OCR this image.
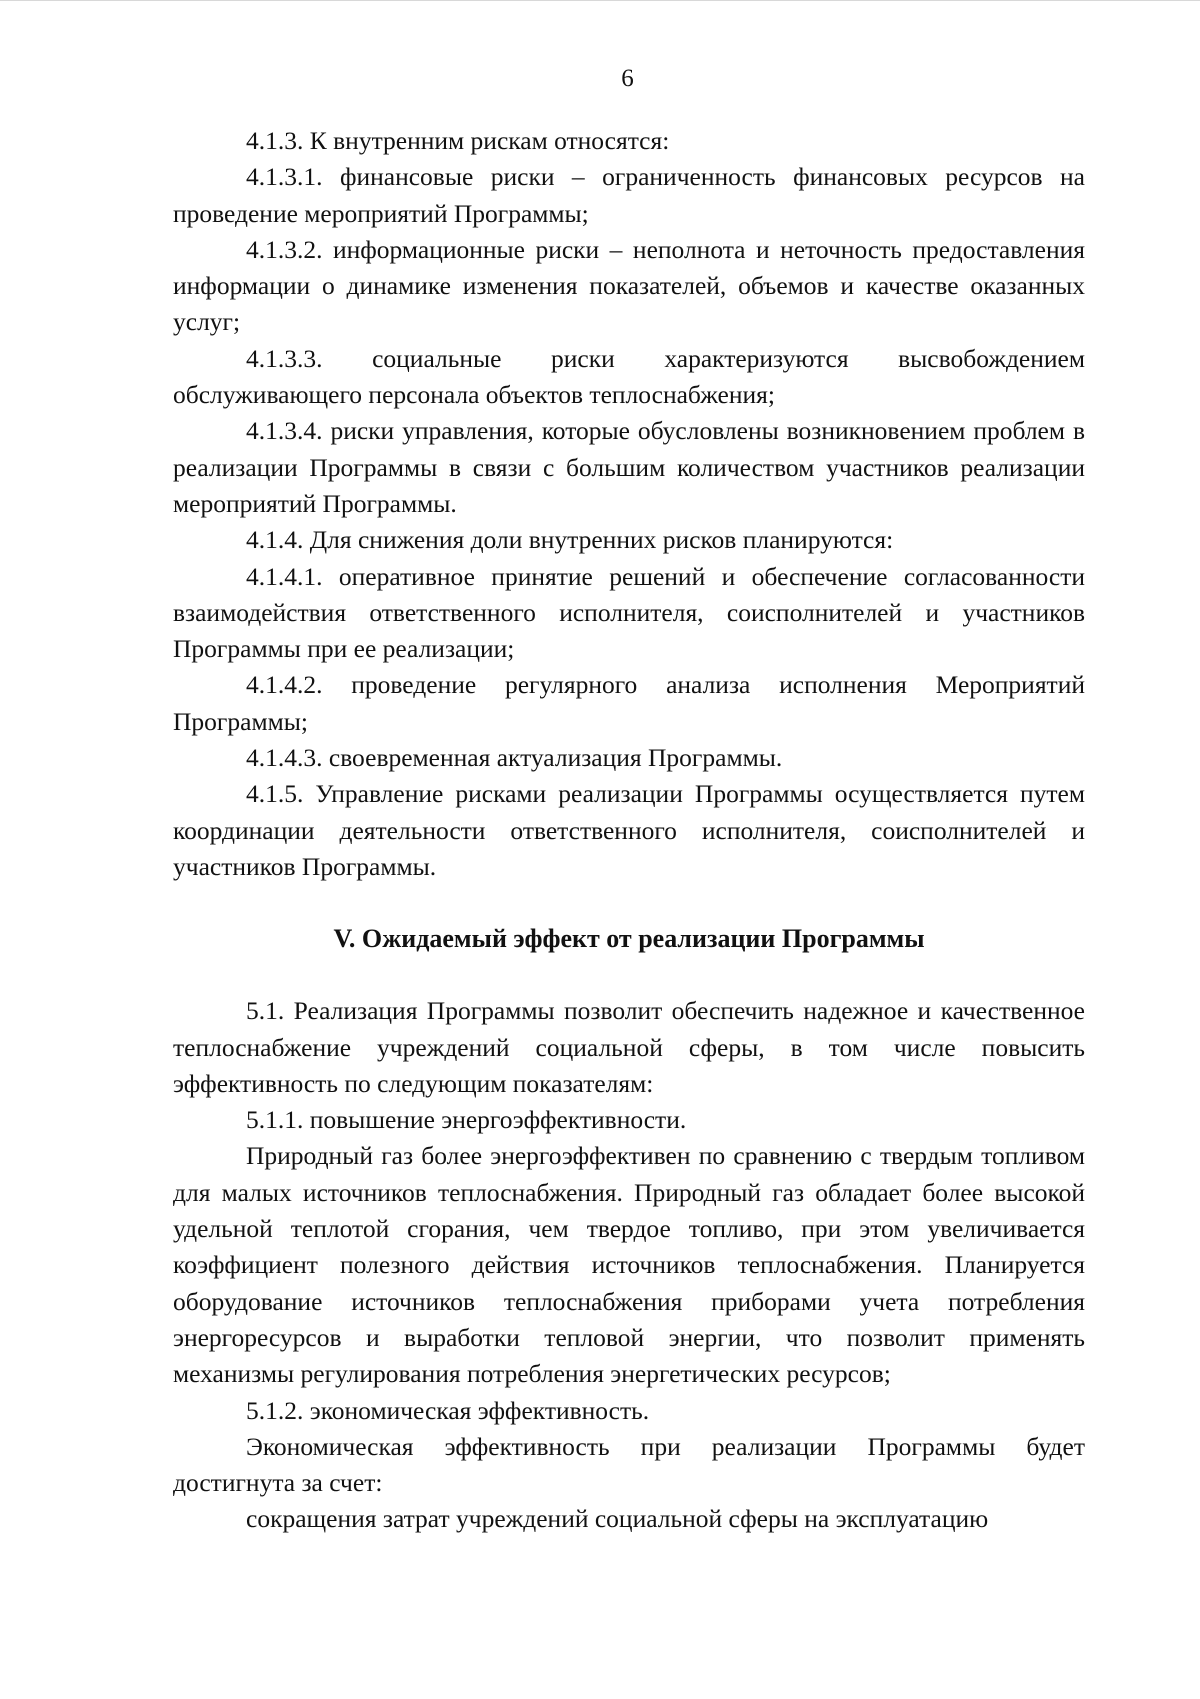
6

4.1.3. К внутренним рискам относятся:

4.1.3.1. финансовые риски – ограниченность финансовых ресурсов на проведение мероприятий Программы;

4.1.3.2. информационные риски – неполнота и неточность предоставления информации о динамике изменения показателей, объемов и качестве оказанных услуг;

4.1.3.3. социальные риски характеризуются высвобождением обслуживающего персонала объектов теплоснабжения;

4.1.3.4. риски управления, которые обусловлены возникновением проблем в реализации Программы в связи с большим количеством участников реализации мероприятий Программы.

4.1.4. Для снижения доли внутренних рисков планируются:

4.1.4.1. оперативное принятие решений и обеспечение согласованности взаимодействия ответственного исполнителя, соисполнителей и участников Программы при ее реализации;

4.1.4.2. проведение регулярного анализа исполнения Мероприятий Программы;

4.1.4.3. своевременная актуализация Программы.

4.1.5. Управление рисками реализации Программы осуществляется путем координации деятельности ответственного исполнителя, соисполнителей и участников Программы.

V. Ожидаемый эффект от реализации Программы

5.1. Реализация Программы позволит обеспечить надежное и качественное теплоснабжение учреждений социальной сферы, в том числе повысить эффективность по следующим показателям:

5.1.1. повышение энергоэффективности.

Природный газ более энергоэффективен по сравнению с твердым топливом для малых источников теплоснабжения. Природный газ обладает более высокой удельной теплотой сгорания, чем твердое топливо, при этом увеличивается коэффициент полезного действия источников теплоснабжения. Планируется оборудование источников теплоснабжения приборами учета потребления энергоресурсов и выработки тепловой энергии, что позволит применять механизмы регулирования потребления энергетических ресурсов;

5.1.2. экономическая эффективность.

Экономическая эффективность при реализации Программы будет достигнута за счет:

сокращения затрат учреждений социальной сферы на эксплуатацию
